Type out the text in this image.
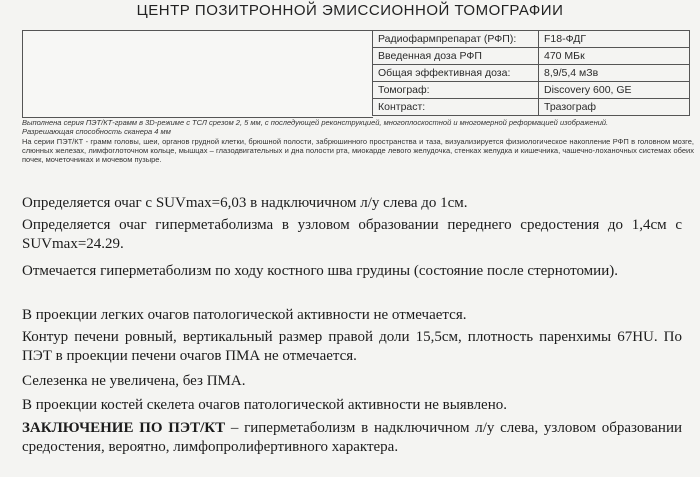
ЦЕНТР ПОЗИТРОННОЙ ЭМИССИОННОЙ ТОМОГРАФИИ
Радиофармпрепарат (РФП):	F18-ФДГ
Введенная доза РФП	470 МБк
Общая эффективная доза:	8,9/5,4 мЗв
Томограф:	Discovery 600, GE
Контраст:	Тразограф
Выполнена серия ПЭТ/КТ-грамм в 3D-режиме с ТСЛ срезом 2, 5 мм, с последующей реконструкцией, многоплоскостной и многомерной реформацией изображений.
Разрешающая способность сканера 4 мм
На серии ПЭТ/КТ - грамм головы, шеи, органов грудной клетки, брюшной полости, забрюшинного пространства и таза, визуализируется физиологическое накопление РФП в головном мозге, слюнных железах, лимфоглоточном кольце, мышцах – глазодвигательных и дна полости рта, миокарде левого желудочка, стенках желудка и кишечника, чашечно-лоханочных системах обеих почек, мочеточниках и мочевом пузыре.
Определяется очаг с SUVmax=6,03 в надключичном л/у слева до 1см.
Определяется очаг гиперметаболизма в узловом образовании переднего средостения до 1,4см с SUVmax=24.29.
Отмечается гиперметаболизм по ходу костного шва грудины (состояние после стернотомии).
В проекции легких очагов патологической активности не отмечается.
Контур печени ровный, вертикальный размер правой доли 15,5см, плотность паренхимы 67HU. По ПЭТ в проекции печени очагов ПМА не отмечается.
Селезенка не увеличена, без ПМА.
В проекции костей скелета очагов патологической активности не выявлено.
ЗАКЛЮЧЕНИЕ ПО ПЭТ/КТ – гиперметаболизм в надключичном л/у слева, узловом образовании средостения, вероятно, лимфопролифертивного характера.
